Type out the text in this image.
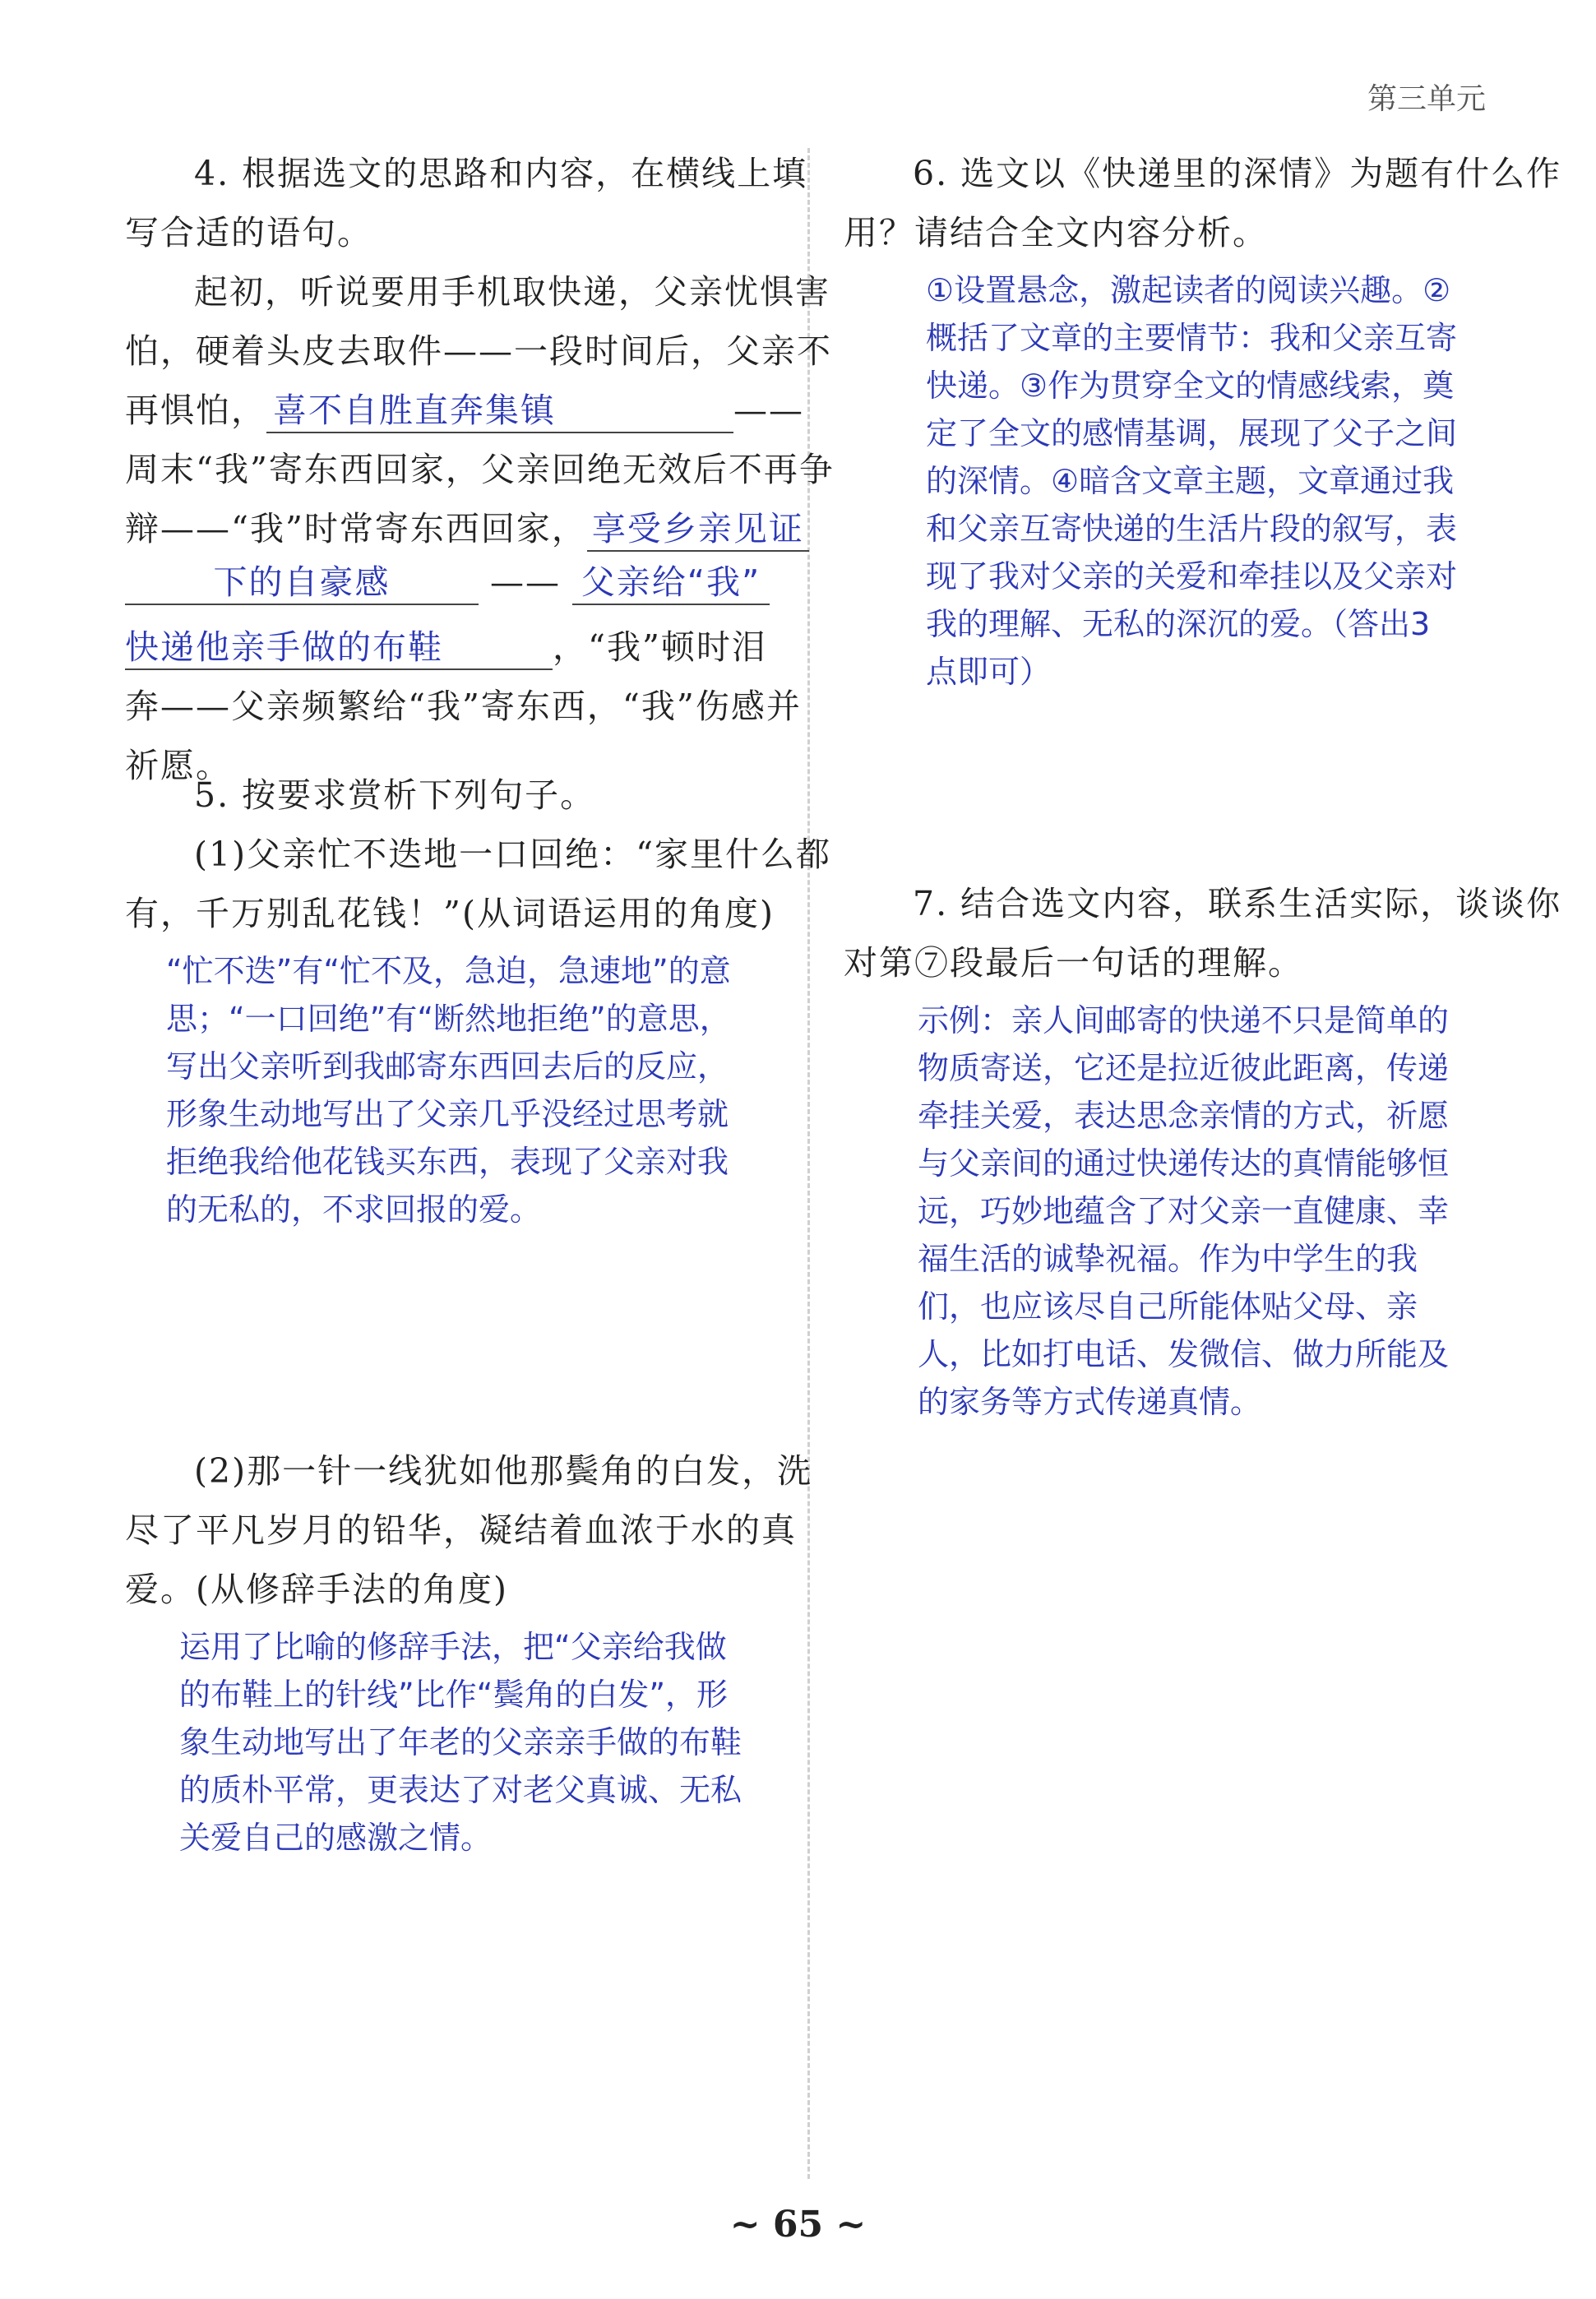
第三单元
4. 根据选文的思路和内容，在横线上填
写合适的语句。
起初，听说要用手机取快递，父亲忧惧害
怕，硬着头皮去取件——一段时间后，父亲不
再惧怕， 喜不自胜直奔集镇	——
周末“我”寄东西回家，父亲回绝无效后不再争
辩——“我”时常寄东西回家， 享受乡亲见证
下的自豪感	—— 父亲给“我”
快递他亲手做的布鞋	，“我”顿时泪
奔——父亲频繁给“我”寄东西，“我”伤感并
祈愿。
5. 按要求赏析下列句子。
(1)父亲忙不迭地一口回绝：“家里什么都
有，千万别乱花钱！”(从词语运用的角度)
“忙不迭”有“忙不及，急迫，急速地”的意
思；“一口回绝”有“断然地拒绝”的意思，
写出父亲听到我邮寄东西回去后的反应，
形象生动地写出了父亲几乎没经过思考就
拒绝我给他花钱买东西，表现了父亲对我
的无私的，不求回报的爱。
(2)那一针一线犹如他那鬓角的白发，洗
尽了平凡岁月的铅华，凝结着血浓于水的真
爱。(从修辞手法的角度)
运用了比喻的修辞手法，把“父亲给我做
的布鞋上的针线”比作“鬓角的白发”，形
象生动地写出了年老的父亲亲手做的布鞋
的质朴平常，更表达了对老父真诚、无私
关爱自己的感激之情。
6. 选文以《快递里的深情》为题有什么作
用？请结合全文内容分析。
①设置悬念，激起读者的阅读兴趣。②
概括了文章的主要情节：我和父亲互寄
快递。③作为贯穿全文的情感线索，奠
定了全文的感情基调，展现了父子之间
的深情。④暗含文章主题，文章通过我
和父亲互寄快递的生活片段的叙写，表
现了我对父亲的关爱和牵挂以及父亲对
我的理解、无私的深沉的爱。（答出3
点即可）
7. 结合选文内容，联系生活实际，谈谈你
对第⑦段最后一句话的理解。
示例：亲人间邮寄的快递不只是简单的
物质寄送，它还是拉近彼此距离，传递
牵挂关爱，表达思念亲情的方式，祈愿
与父亲间的通过快递传达的真情能够恒
远，巧妙地蕴含了对父亲一直健康、幸
福生活的诚挚祝福。作为中学生的我
们，也应该尽自己所能体贴父母、亲
人，比如打电话、发微信、做力所能及
的家务等方式传递真情。
~ 65 ~
